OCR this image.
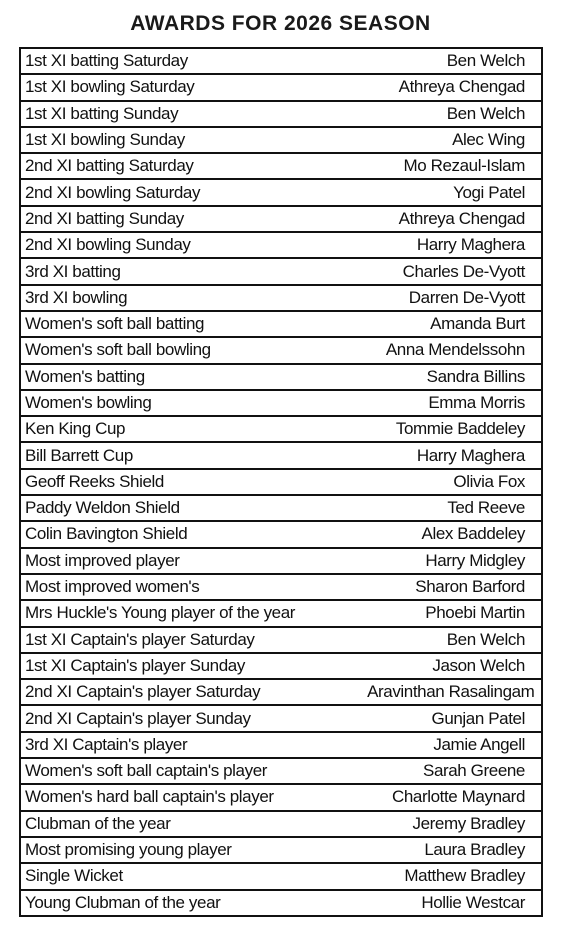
AWARDS FOR 2026 SEASON
1st XI batting Saturday	Ben Welch
1st XI bowling Saturday	Athreya Chengad
1st XI batting Sunday	Ben Welch
1st XI bowling Sunday	Alec Wing
2nd XI batting Saturday	Mo Rezaul-Islam
2nd XI bowling Saturday	Yogi Patel
2nd XI batting Sunday	Athreya Chengad
2nd XI bowling Sunday	Harry Maghera
3rd XI batting	Charles De-Vyott
3rd XI bowling	Darren De-Vyott
Women's soft ball batting	Amanda Burt
Women's soft ball bowling	Anna Mendelssohn
Women's batting	Sandra Billins
Women's bowling	Emma Morris
Ken King Cup	Tommie Baddeley
Bill Barrett Cup	Harry Maghera
Geoff Reeks Shield	Olivia Fox
Paddy Weldon Shield	Ted Reeve
Colin Bavington Shield	Alex Baddeley
Most improved player	Harry Midgley
Most improved women's	Sharon Barford
Mrs Huckle's Young player of the year	Phoebi Martin
1st XI Captain's player Saturday	Ben Welch
1st XI Captain's player Sunday	Jason Welch
2nd XI Captain's player Saturday	Aravinthan Rasalingam
2nd XI Captain's player Sunday	Gunjan Patel
3rd XI Captain's player	Jamie Angell
Women's soft ball captain's player	Sarah Greene
Women's hard ball captain's player	Charlotte Maynard
Clubman of the year	Jeremy Bradley
Most promising young player	Laura Bradley
Single Wicket	Matthew Bradley
Young Clubman of the year	Hollie Westcar
